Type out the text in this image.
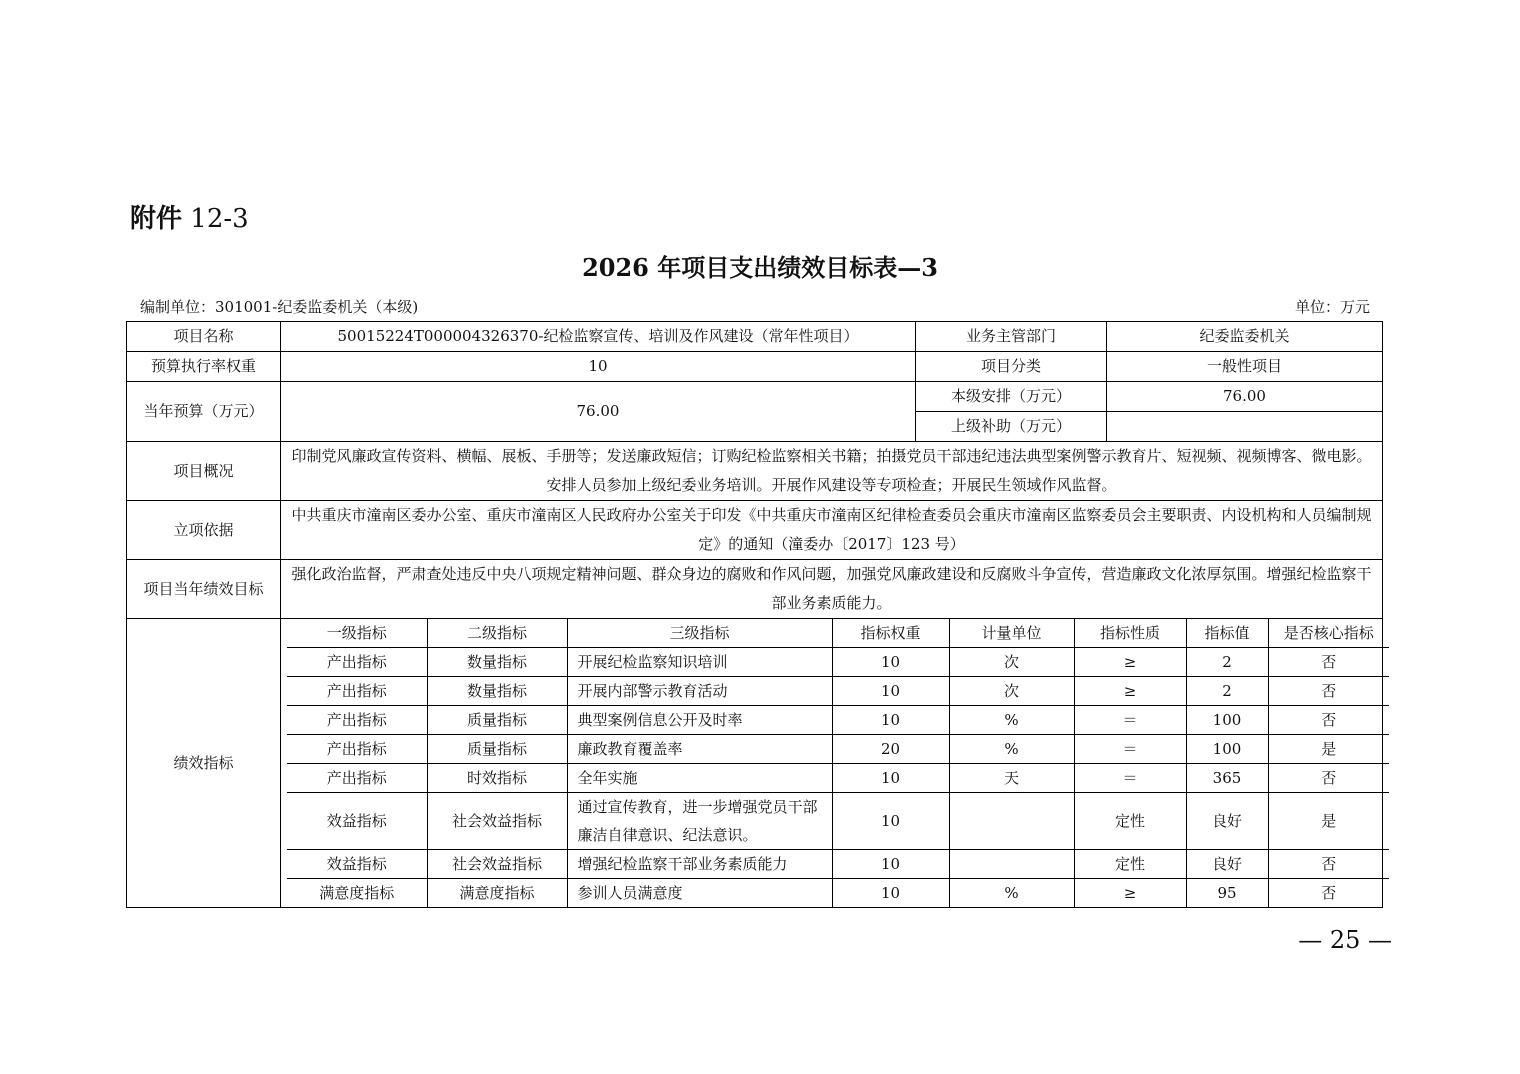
附件 12-3
2026 年项目支出绩效目标表—3
编制单位：301001-纪委监委机关（本级)	单位：万元
项目名称	50015224T000004326370-纪检监察宣传、培训及作风建设（常年性项目）	业务主管部门	纪委监委机关
预算执行率权重	10	项目分类	一般性项目
当年预算（万元）	76.00	本级安排（万元）	76.00
上级补助（万元）	
项目概况	印制党风廉政宣传资料、横幅、展板、手册等；发送廉政短信；订购纪检监察相关书籍；拍摄党员干部违纪违法典型案例警示教育片、短视频、视频博客、微电影。安排人员参加上级纪委业务培训。开展作风建设等专项检查；开展民生领域作风监督。
立项依据	中共重庆市潼南区委办公室、重庆市潼南区人民政府办公室关于印发《中共重庆市潼南区纪律检查委员会重庆市潼南区监察委员会主要职责、内设机构和人员编制规定》的通知（潼委办〔2017〕123 号）
项目当年绩效目标	强化政治监督，严肃查处违反中央八项规定精神问题、群众身边的腐败和作风问题，加强党风廉政建设和反腐败斗争宣传，营造廉政文化浓厚氛围。增强纪检监察干部业务素质能力。
绩效指标	
一级指标	二级指标	三级指标	指标权重	计量单位	指标性质	指标值	是否核心指标
产出指标	数量指标	开展纪检监察知识培训	10	次	≥	2	否
产出指标	数量指标	开展内部警示教育活动	10	次	≥	2	否
产出指标	质量指标	典型案例信息公开及时率	10	%	＝	100	否
产出指标	质量指标	廉政教育覆盖率	20	%	＝	100	是
产出指标	时效指标	全年实施	10	天	＝	365	否
效益指标	社会效益指标	通过宣传教育，进一步增强党员干部廉洁自律意识、纪法意识。	10		定性	良好	是
效益指标	社会效益指标	增强纪检监察干部业务素质能力	10		定性	良好	否
满意度指标	满意度指标	参训人员满意度	10	%	≥	95	否
— 25 —
